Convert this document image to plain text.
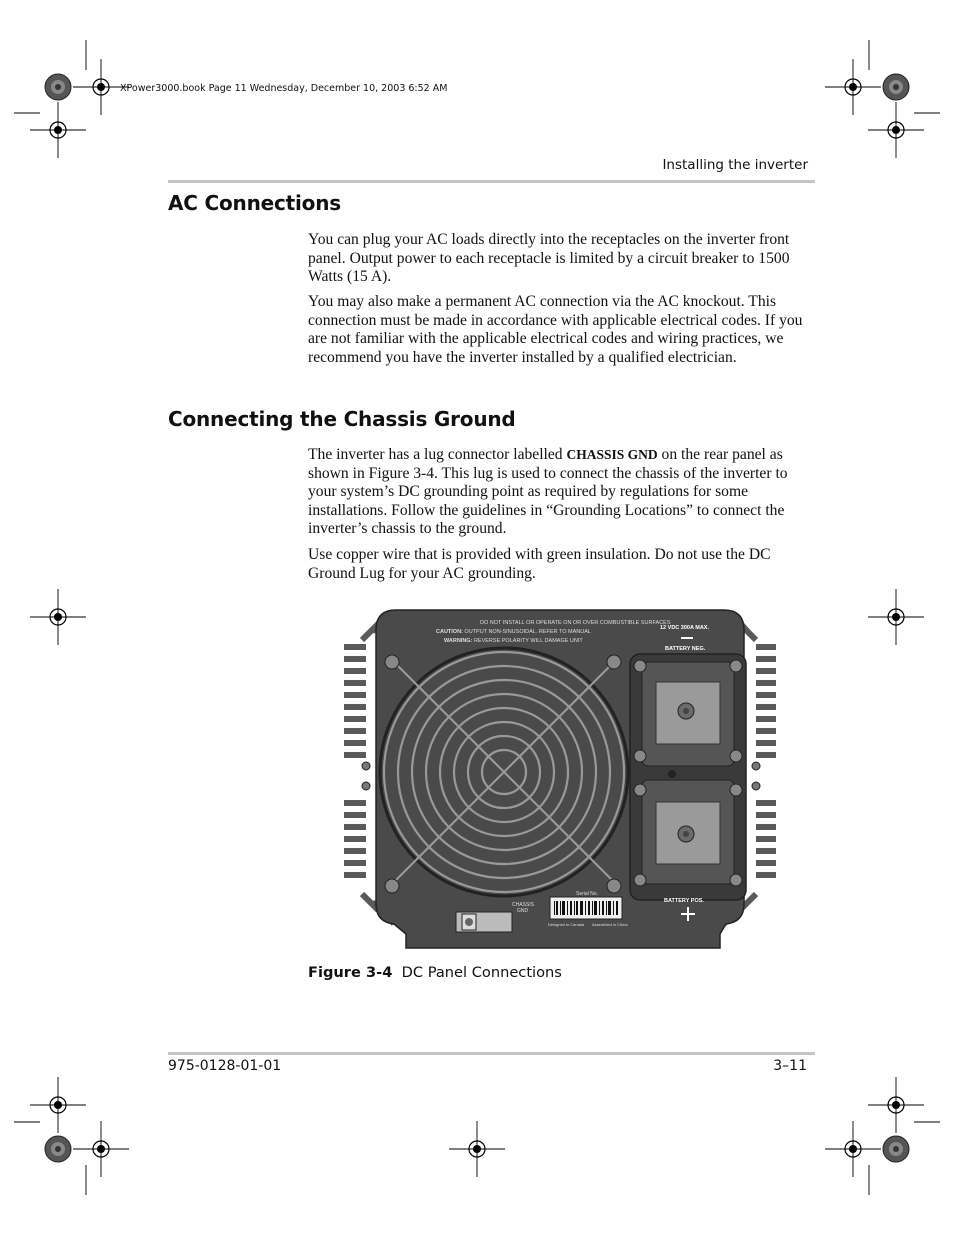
XPower3000.book Page 11 Wednesday, December 10, 2003 6:52 AM
Installing the inverter
AC Connections

You can plug your AC loads directly into the receptacles on the inverter front panel. Output power to each receptacle is limited by a circuit breaker to 1500 Watts (15 A).

You may also make a permanent AC connection via the AC knockout. This connection must be made in accordance with applicable electrical codes. If you are not familiar with the applicable electrical codes and wiring practices, we recommend you have the inverter installed by a qualified electrician.

Connecting the Chassis Ground

The inverter has a lug connector labelled CHASSIS GND on the rear panel as shown in Figure 3-4. This lug is used to connect the chassis of the inverter to your system’s DC grounding point as required by regulations for some installations. Follow the guidelines in “Grounding Locations” to connect the inverter’s chassis to the ground.

Use copper wire that is provided with green insulation. Do not use the DC Ground Lug for your AC grounding.

DO NOT INSTALL OR OPERATE ON OR OVER COMBUSTIBLE SURFACES
CAUTION: OUTPUT NON-SINUSOIDAL. REFER TO MANUAL
WARNING: REVERSE POLARITY WILL DAMAGE UNIT
12 VDC 300A MAX.
BATTERY NEG.
BATTERY POS.
CHASSIS
GND
Serial No.
Designed in Canada Assembled in China
Figure 3-4 DC Panel Connections
975-0128-01-01	3–11
